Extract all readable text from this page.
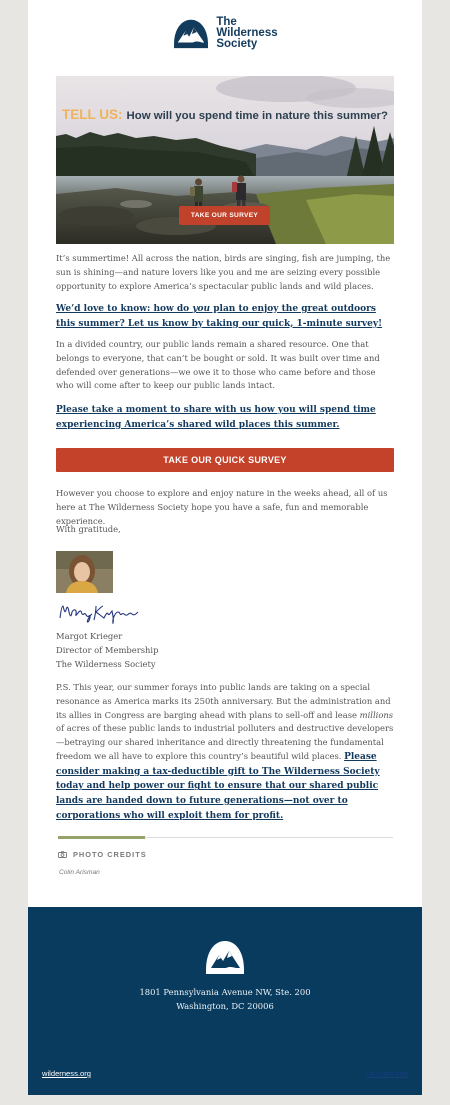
The
Wilderness
Society
TELL US: How will you spend time in nature this summer?
TAKE OUR SURVEY

It’s summertime! All across the nation, birds are singing, fish are jumping, the sun is shining—and nature lovers like you and me are seizing every possible opportunity to explore America’s spectacular public lands and wild places.

We’d love to know: how do you plan to enjoy the great outdoors this summer? Let us know by taking our quick, 1-minute survey!

In a divided country, our public lands remain a shared resource. One that belongs to everyone, that can’t be bought or sold. It was built over time and defended over generations—we owe it to those who came before and those who will come after to keep our public lands intact.

Please take a moment to share with us how you will spend time experiencing America’s shared wild places this summer.

TAKE OUR QUICK SURVEY

However you choose to explore and enjoy nature in the weeks ahead, all of us here at The Wilderness Society hope you have a safe, fun and memorable experience.

With gratitude,

Margot Krieger
Director of Membership
The Wilderness Society

P.S. This year, our summer forays into public lands are taking on a special resonance as America marks its 250th anniversary. But the administration and its allies in Congress are barging ahead with plans to sell-off and lease millions of acres of these public lands to industrial polluters and destructive developers—betraying our shared inheritance and directly threatening the fundamental freedom we all have to explore this country’s beautiful wild places. Please consider making a tax-deductible gift to The Wilderness Society today and help power our fight to ensure that our shared public lands are handed down to future generations—not over to corporations who will exploit them for profit.

PHOTO CREDITS
Colin Arisman
1801 Pennsylvania Avenue NW, Ste. 200
Washington, DC 20006
wilderness.org	Unsubscribe
